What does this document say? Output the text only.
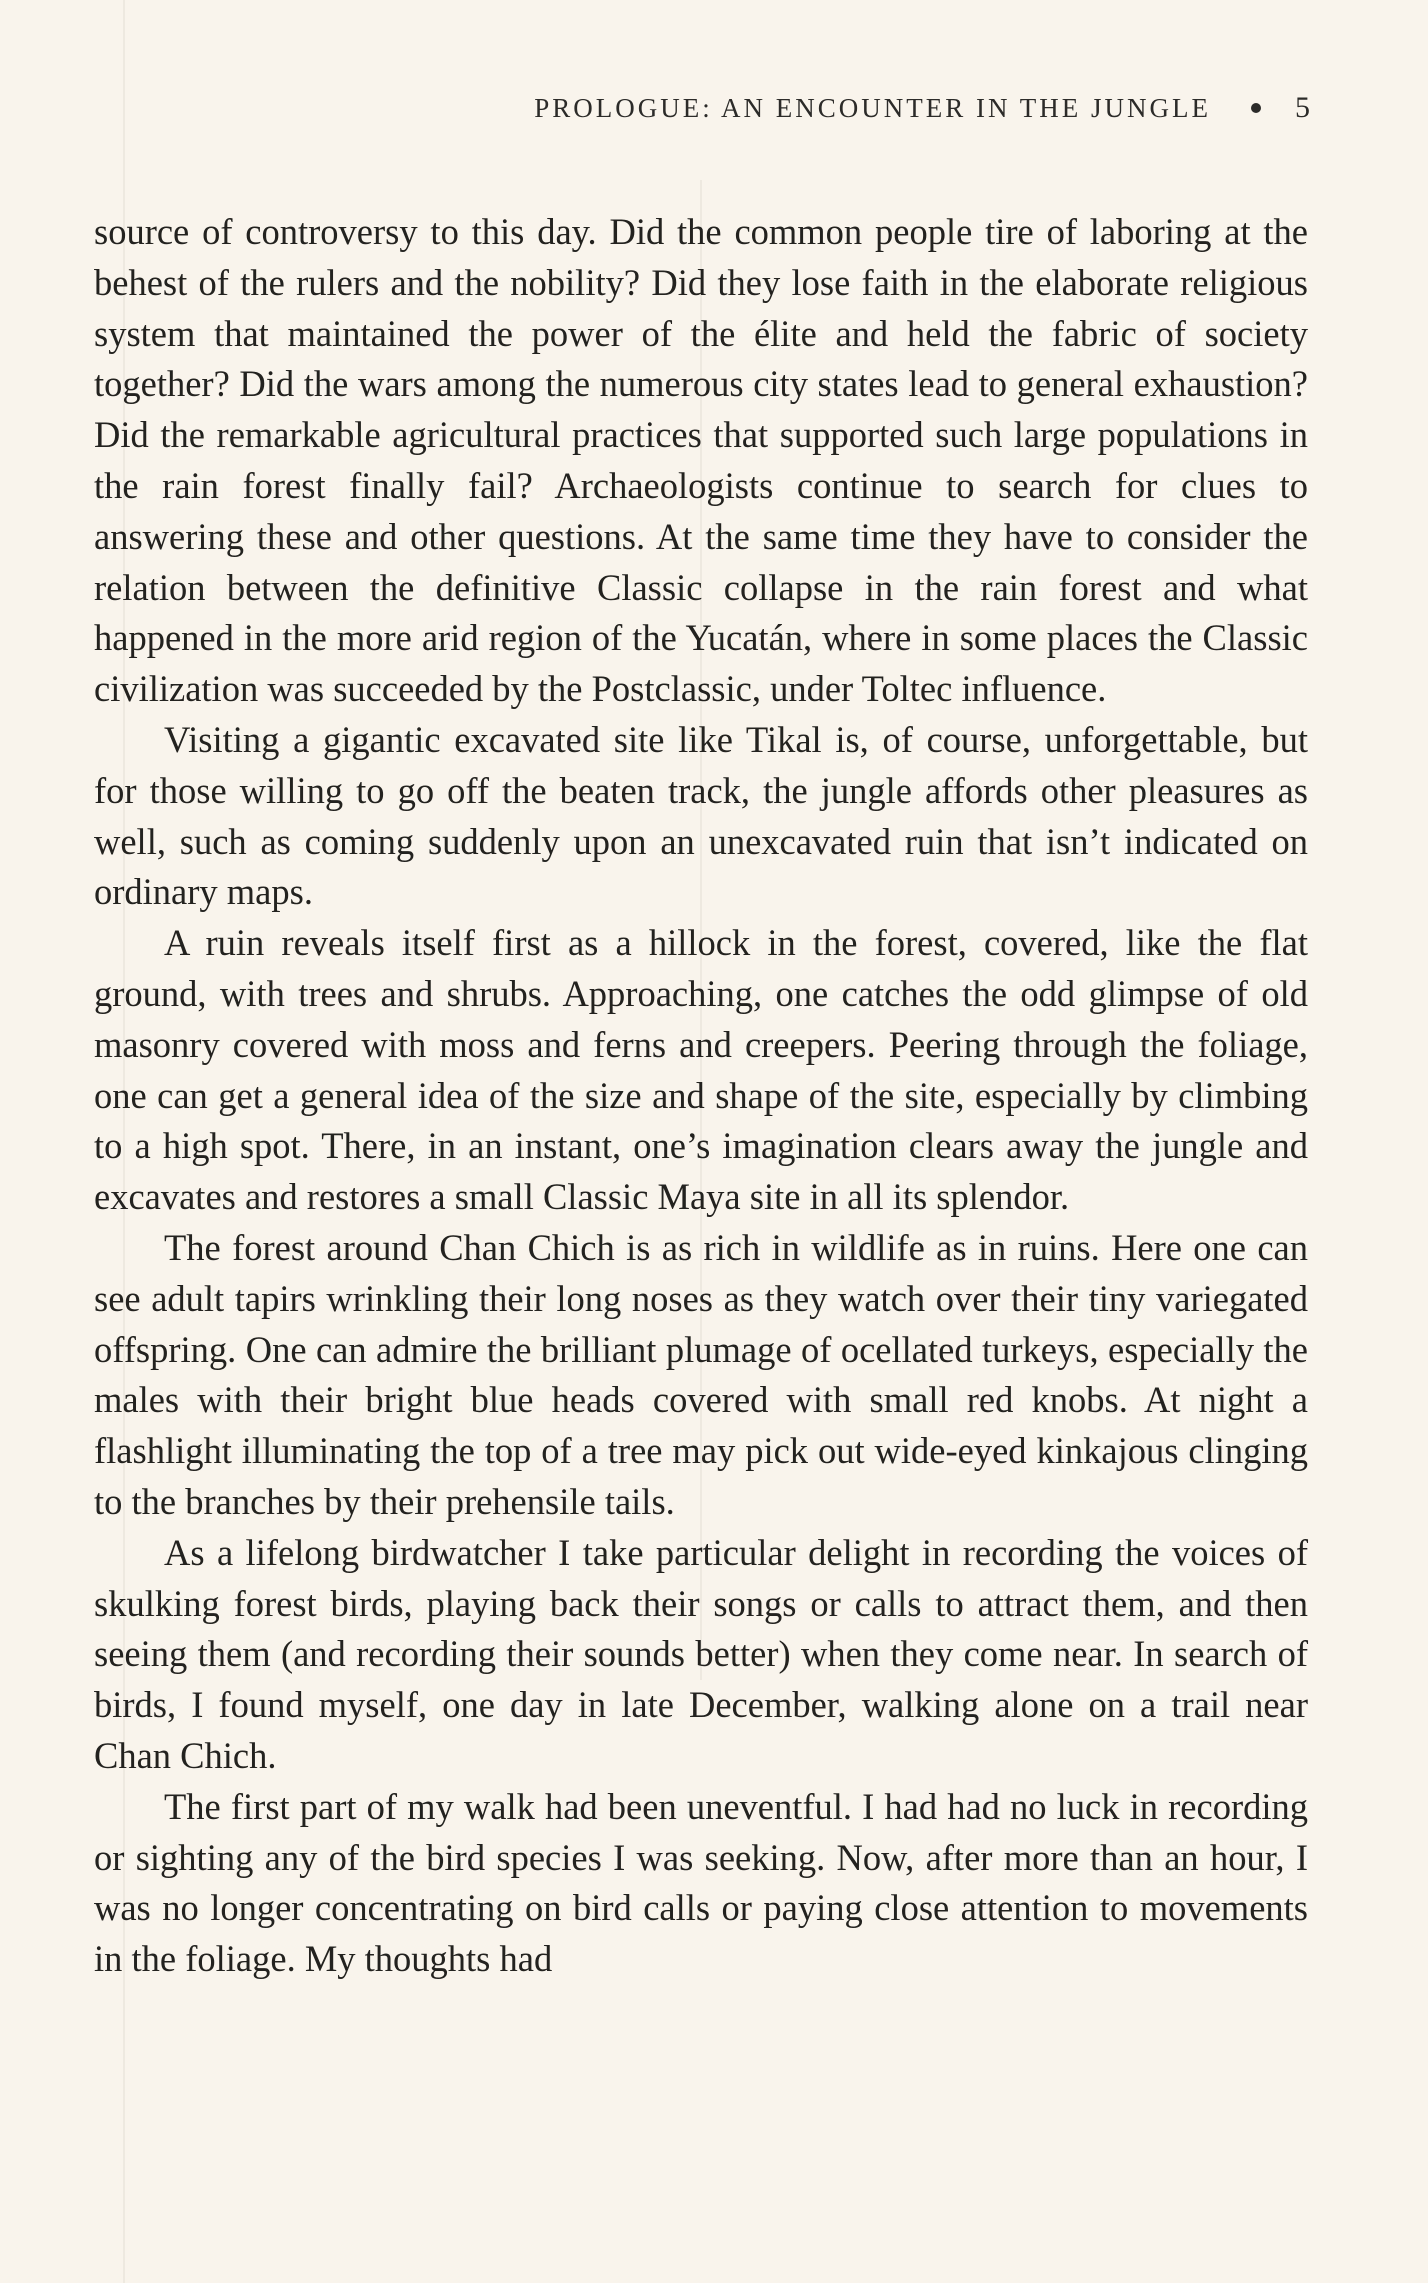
PROLOGUE: AN ENCOUNTER IN THE JUNGLE	5

source of controversy to this day. Did the common people tire of laboring at the behest of the rulers and the nobility? Did they lose faith in the elaborate religious system that maintained the power of the élite and held the fabric of society together? Did the wars among the numerous city states lead to general exhaustion? Did the remarkable agricultural practices that supported such large populations in the rain forest finally fail? Archaeologists continue to search for clues to answering these and other questions. At the same time they have to consider the relation between the definitive Classic collapse in the rain forest and what happened in the more arid region of the Yucatán, where in some places the Classic civilization was succeeded by the Postclassic, under Toltec influence.

Visiting a gigantic excavated site like Tikal is, of course, unforgettable, but for those willing to go off the beaten track, the jungle affords other pleasures as well, such as coming suddenly upon an unexcavated ruin that isn’t indicated on ordinary maps.

A ruin reveals itself first as a hillock in the forest, covered, like the flat ground, with trees and shrubs. Approaching, one catches the odd glimpse of old masonry covered with moss and ferns and creepers. Peering through the foliage, one can get a general idea of the size and shape of the site, especially by climbing to a high spot. There, in an instant, one’s imagination clears away the jungle and excavates and restores a small Classic Maya site in all its splendor.

The forest around Chan Chich is as rich in wildlife as in ruins. Here one can see adult tapirs wrinkling their long noses as they watch over their tiny variegated offspring. One can admire the brilliant plumage of ocellated turkeys, especially the males with their bright blue heads covered with small red knobs. At night a flashlight illuminating the top of a tree may pick out wide-eyed kinkajous clinging to the branches by their prehensile tails.

As a lifelong birdwatcher I take particular delight in recording the voices of skulking forest birds, playing back their songs or calls to attract them, and then seeing them (and recording their sounds better) when they come near. In search of birds, I found myself, one day in late December, walking alone on a trail near Chan Chich.

The first part of my walk had been uneventful. I had had no luck in recording or sighting any of the bird species I was seeking. Now, after more than an hour, I was no longer concentrating on bird calls or paying close attention to movements in the foliage. My thoughts had
